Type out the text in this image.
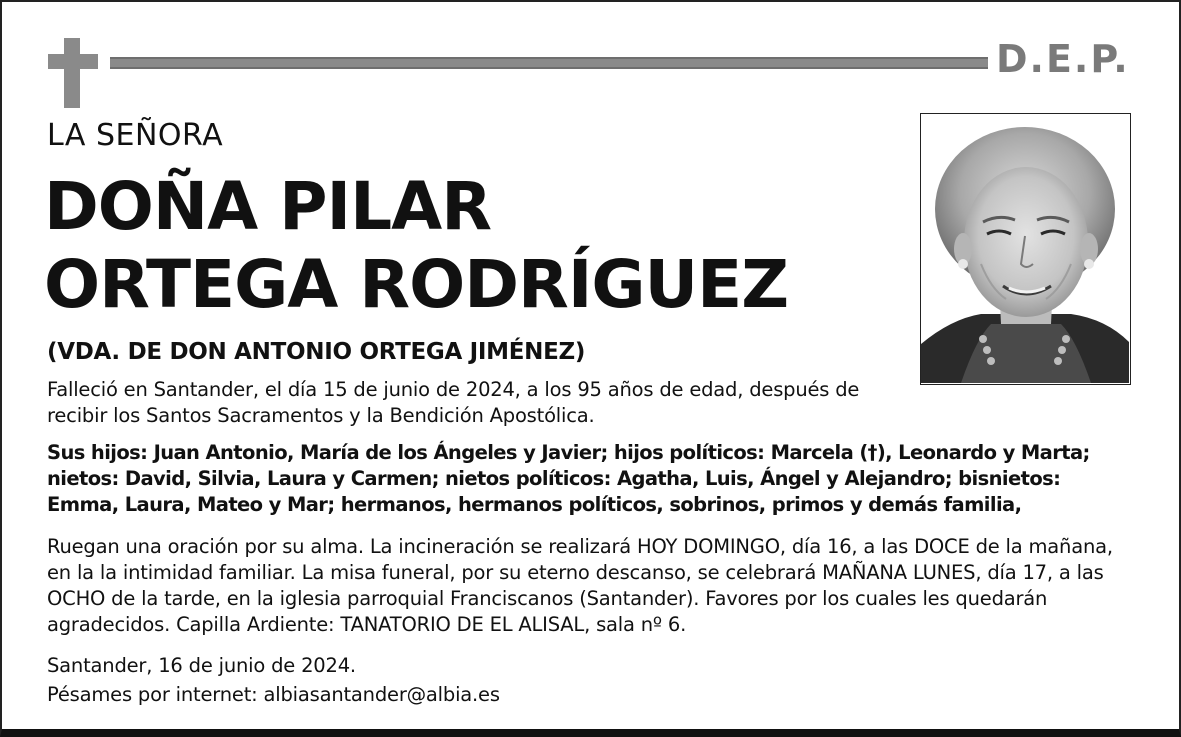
D.E.P.
LA SEÑORA
DOÑA PILAR
ORTEGA RODRÍGUEZ
(VDA. DE DON ANTONIO ORTEGA JIMÉNEZ)
Falleció en Santander, el día 15 de junio de 2024, a los 95 años de edad, después de recibir los Santos Sacramentos y la Bendición Apostólica.
Sus hijos: Juan Antonio, María de los Ángeles y Javier; hijos políticos: Marcela (†), Leonardo y Marta; nietos: David, Silvia, Laura y Carmen; nietos políticos: Agatha, Luis, Ángel y Alejandro; bisnietos: Emma, Laura, Mateo y Mar; hermanos, hermanos políticos, sobrinos, primos y demás familia,
Ruegan una oración por su alma. La incineración se realizará HOY DOMINGO, día 16, a las DOCE de la mañana, en la la intimidad familiar. La misa funeral, por su eterno descanso, se celebrará MAÑANA LUNES, día 17, a las OCHO de la tarde, en la iglesia parroquial Franciscanos (Santander). Favores por los cuales les quedarán agradecidos. Capilla Ardiente: TANATORIO DE EL ALISAL, sala nº 6.
Santander, 16 de junio de 2024.
Pésames por internet: albiasantander@albia.es
